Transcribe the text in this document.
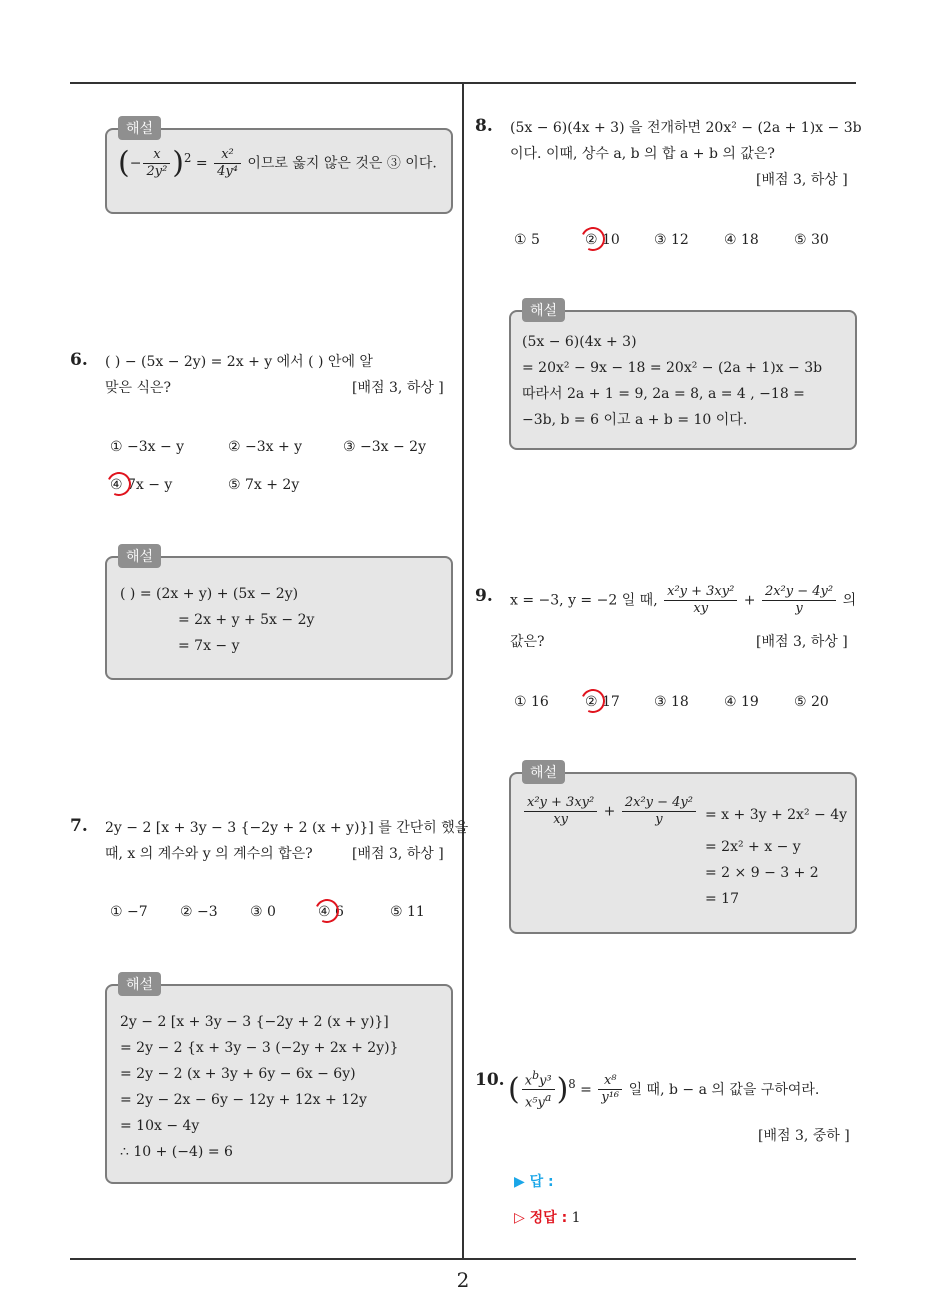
2
해설
(− $\frac{x}{\text{2y²}} )^2 = \frac{\text{x²}}{\text{4y⁴}}$ 이므로 옳지 않은 것은 ③ 이다.
6. ( ) − (5x − 2y) = 2x + y 에서 ( ) 안에 알
맞은 식은?	[배점 3, 하상 ]
① −3x − y	② −3x + y	③ −3x − 2y
④ 7x − y	⑤ 7x + 2y
해설
( ) = (2x + y) + (5x − 2y)
= 2x + y + 5x − 2y
= 7x − y
7. 2y − 2 [x + 3y − 3 {−2y + 2 (x + y)}] 를 간단히 했을
때, x 의 계수와 y 의 계수의 합은?	[배점 3, 하상 ]
① −7 ② −3 ③ 0	④ 6	⑤ 11
해설
2y − 2 [x + 3y − 3 {−2y + 2 (x + y)}]
= 2y − 2 {x + 3y − 3 (−2y + 2x + 2y)}
= 2y − 2 (x + 3y + 6y − 6x − 6y)
= 2y − 2x − 6y − 12y + 12x + 12y
= 10x − 4y
∴ 10 + (−4) = 6
8. (5x − 6)(4x + 3) 을 전개하면 20x² − (2a + 1)x − 3b
이다. 이때, 상수 a, b 의 합 a + b 의 값은?
[배점 3, 하상 ]
① 5	② 10 ③ 12	④ 18	⑤ 30
해설
(5x − 6)(4x + 3)
= 20x² − 9x − 18 = 20x² − (2a + 1)x − 3b
따라서 2a + 1 = 9, 2a = 8, a = 4 , −18 =
−3b, b = 6 이고 a + b = 10 이다.
9. x = −3, y = −2 일 때, $\frac{\text{x²y + 3xy²}}{xy} + \frac{\text{2x²y − 4y²}}{y}$ 의
값은?	[배점 3, 하상 ]
① 16	② 17 ③ 18	④ 19	⑤ 20
해설
$\frac{\text{x²y + 3xy²}}{xy} + \frac{\text{2x²y − 4y²}}{y} = x + 3y + 2x^2 - 4y$
= 2x² + x − y
= 2 × 9 − 3 + 2
= 17
10. ( $\frac{x^by^3}{x^5y^a} )^8 = \frac{\text{x⁸}}{\text{y¹⁶}}$ 일 때, b − a 의 값을 구하여라.
[배점 3, 중하 ]
▶ 답 :
▷ 정답 : 1
